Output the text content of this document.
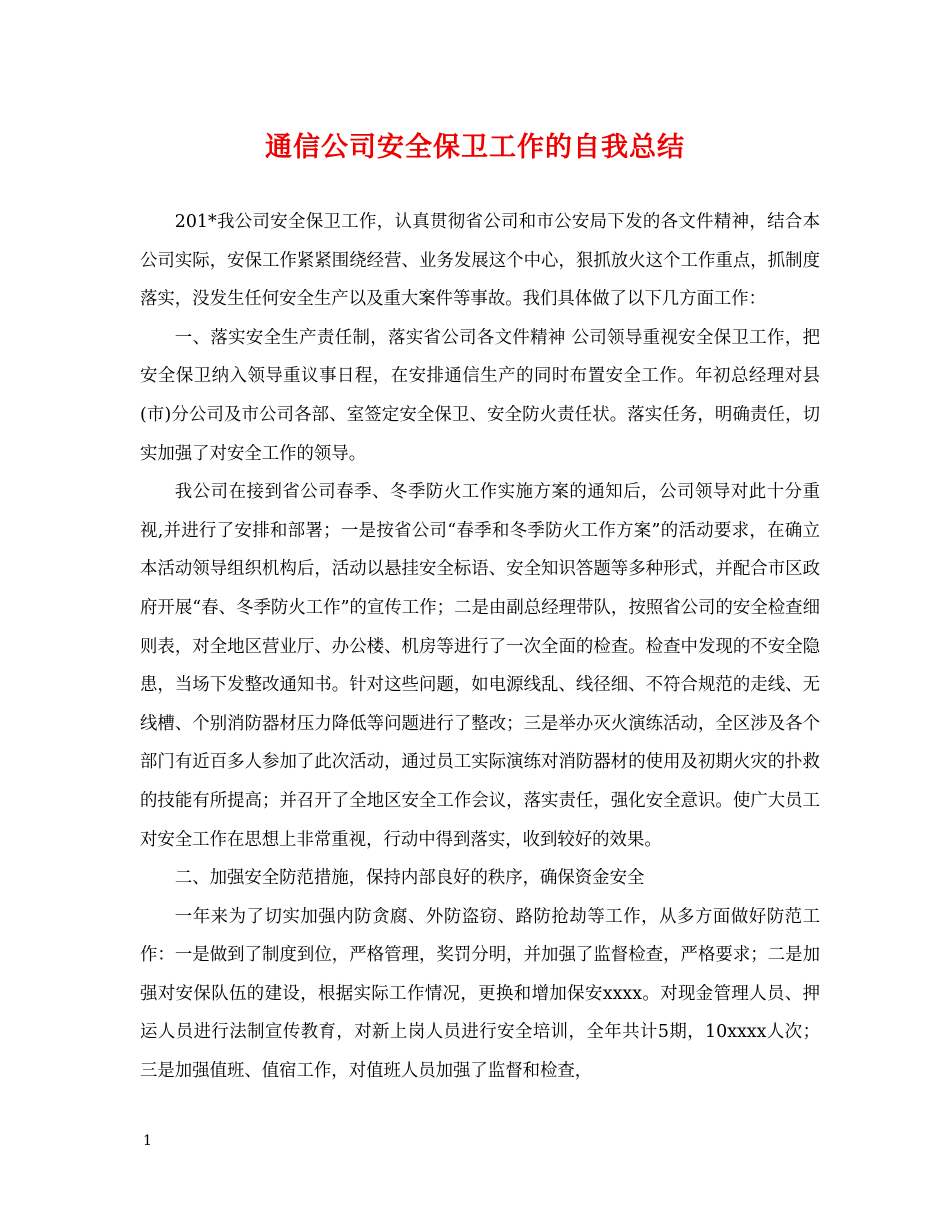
通信公司安全保卫工作的自我总结

201*我公司安全保卫工作，认真贯彻省公司和市公安局下发的各文件精神，结合本公司实际，安保工作紧紧围绕经营、业务发展这个中心，狠抓放火这个工作重点，抓制度落实，没发生任何安全生产以及重大案件等事故。我们具体做了以下几方面工作：

一、落实安全生产责任制，落实省公司各文件精神 公司领导重视安全保卫工作，把安全保卫纳入领导重议事日程，在安排通信生产的同时布置安全工作。年初总经理对县(市)分公司及市公司各部、室签定安全保卫、安全防火责任状。落实任务，明确责任，切实加强了对安全工作的领导。

我公司在接到省公司春季、冬季防火工作实施方案的通知后，公司领导对此十分重视,并进行了安排和部署；一是按省公司“春季和冬季防火工作方案”的活动要求，在确立本活动领导组织机构后，活动以悬挂安全标语、安全知识答题等多种形式，并配合市区政府开展“春、冬季防火工作”的宣传工作；二是由副总经理带队，按照省公司的安全检查细则表，对全地区营业厅、办公楼、机房等进行了一次全面的检查。检查中发现的不安全隐患，当场下发整改通知书。针对这些问题，如电源线乱、线径细、不符合规范的走线、无线槽、个别消防器材压力降低等问题进行了整改；三是举办灭火演练活动，全区涉及各个部门有近百多人参加了此次活动，通过员工实际演练对消防器材的使用及初期火灾的扑救的技能有所提高；并召开了全地区安全工作会议，落实责任，强化安全意识。使广大员工对安全工作在思想上非常重视，行动中得到落实，收到较好的效果。

二、加强安全防范措施，保持内部良好的秩序，确保资金安全

一年来为了切实加强内防贪腐、外防盗窃、路防抢劫等工作，从多方面做好防范工作：一是做到了制度到位，严格管理，奖罚分明，并加强了监督检查，严格要求；二是加强对安保队伍的建设，根据实际工作情况，更换和增加保安xxxx。对现金管理人员、押运人员进行法制宣传教育，对新上岗人员进行安全培训，全年共计5期，10xxxx人次；三是加强值班、值宿工作，对值班人员加强了监督和检查，

1
